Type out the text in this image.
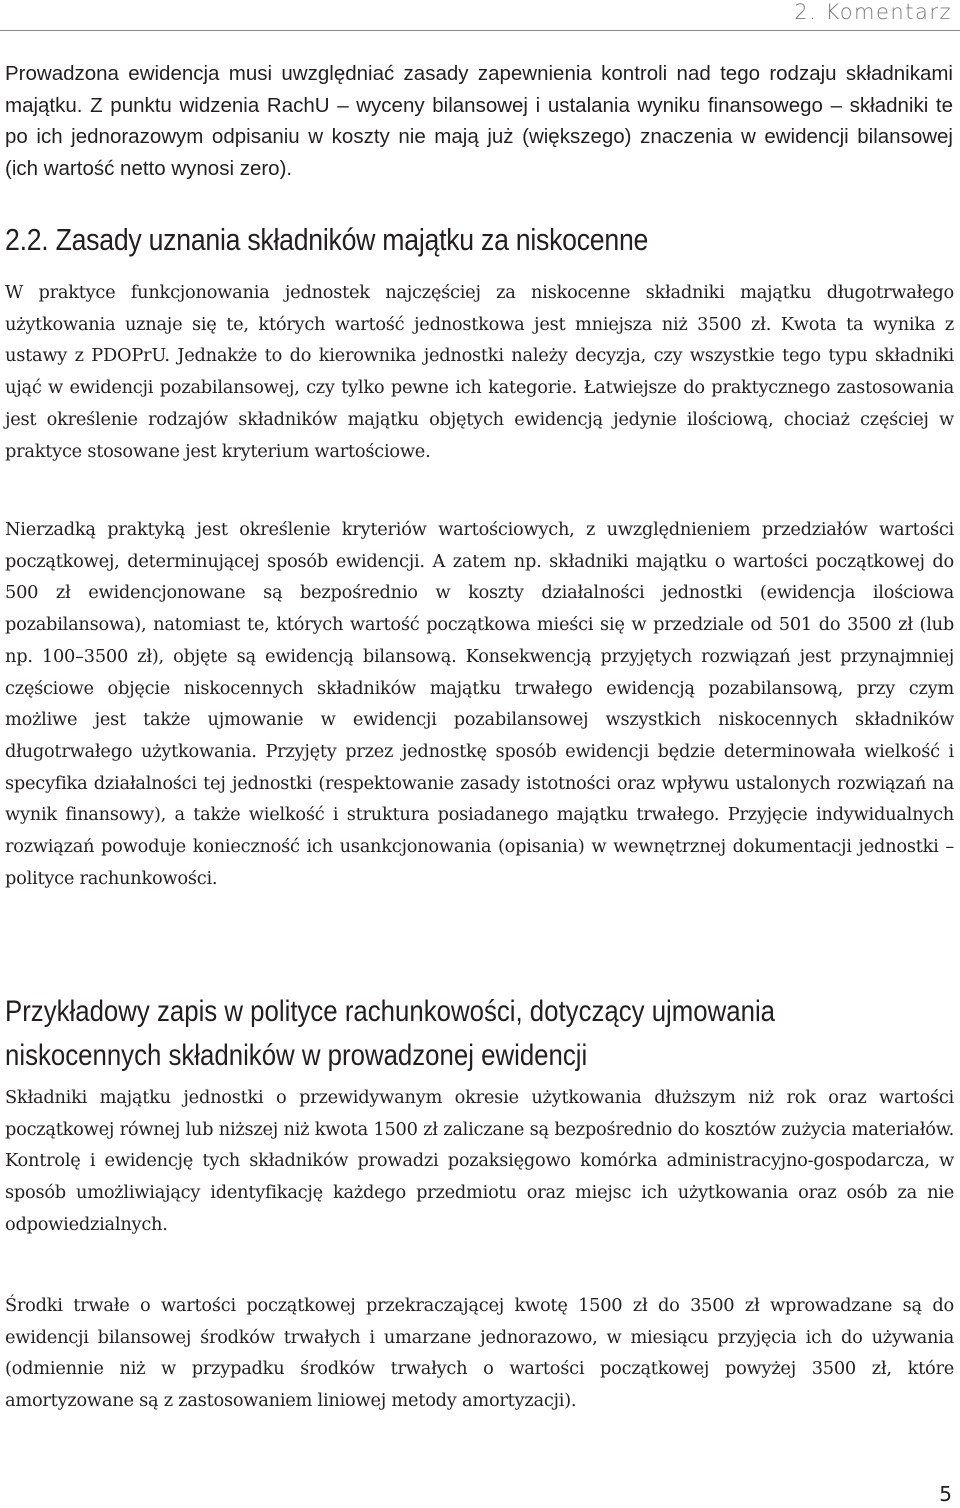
2. Komentarz

Prowadzona ewidencja musi uwzględniać zasady zapewnienia kontroli nad tego rodzaju składnikami majątku. Z punktu widzenia RachU – wyceny bilansowej i ustalania wyniku finansowego – składniki te po ich jednorazowym odpisaniu w koszty nie mają już (większego) znaczenia w ewidencji bilansowej (ich wartość netto wynosi zero).

2.2. Zasady uznania składników majątku za niskocenne

W praktyce funkcjonowania jednostek najczęściej za niskocenne składniki majątku długotrwałego użytkowania uznaje się te, których wartość jednostkowa jest mniejsza niż 3500 zł. Kwota ta wynika z ustawy z PDOPrU. Jednakże to do kierownika jednostki należy decyzja, czy wszystkie tego typu składniki ująć w ewidencji pozabilansowej, czy tylko pewne ich kategorie. Łatwiejsze do praktycznego zastosowania jest określenie rodzajów składników majątku objętych ewidencją jedynie ilościową, chociaż częściej w praktyce stosowane jest kryterium wartościowe.

Nierzadką praktyką jest określenie kryteriów wartościowych, z uwzględnieniem przedziałów wartości początkowej, determinującej sposób ewidencji. A zatem np. składniki majątku o wartości początkowej do 500 zł ewidencjonowane są bezpośrednio w koszty działalności jednostki (ewidencja ilościowa pozabilansowa), natomiast te, których wartość początkowa mieści się w przedziale od 501 do 3500 zł (lub np. 100–3500 zł), objęte są ewidencją bilansową. Konsekwencją przyjętych rozwiązań jest przynajmniej częściowe objęcie niskocennych składników majątku trwałego ewidencją pozabilansową, przy czym możliwe jest także ujmowanie w ewidencji pozabilansowej wszystkich niskocennych składników długotrwałego użytkowania. Przyjęty przez jednostkę sposób ewidencji będzie determinowała wielkość i specyfika działalności tej jednostki (respektowanie zasady istotności oraz wpływu ustalonych rozwiązań na wynik finansowy), a także wielkość i struktura posiadanego majątku trwałego. Przyjęcie indywidualnych rozwiązań powoduje konieczność ich usankcjonowania (opisania) w wewnętrznej dokumentacji jednostki – polityce rachunkowości.

Przykładowy zapis w polityce rachunkowości, dotyczący ujmowania
niskocennych składników w prowadzonej ewidencji

Składniki majątku jednostki o przewidywanym okresie użytkowania dłuższym niż rok oraz wartości początkowej równej lub niższej niż kwota 1500 zł zaliczane są bezpośrednio do kosztów zużycia materiałów. Kontrolę i ewidencję tych składników prowadzi pozaksięgowo komórka administracyjno-gospodarcza, w sposób umożliwiający identyfikację każdego przedmiotu oraz miejsc ich użytkowania oraz osób za nie odpowiedzialnych.

Środki trwałe o wartości początkowej przekraczającej kwotę 1500 zł do 3500 zł wprowadzane są do ewidencji bilansowej środków trwałych i umarzane jednorazowo, w miesiącu przyjęcia ich do używania (odmiennie niż w przypadku środków trwałych o wartości początkowej powyżej 3500 zł, które amortyzowane są z zastosowaniem liniowej metody amortyzacji).

5
